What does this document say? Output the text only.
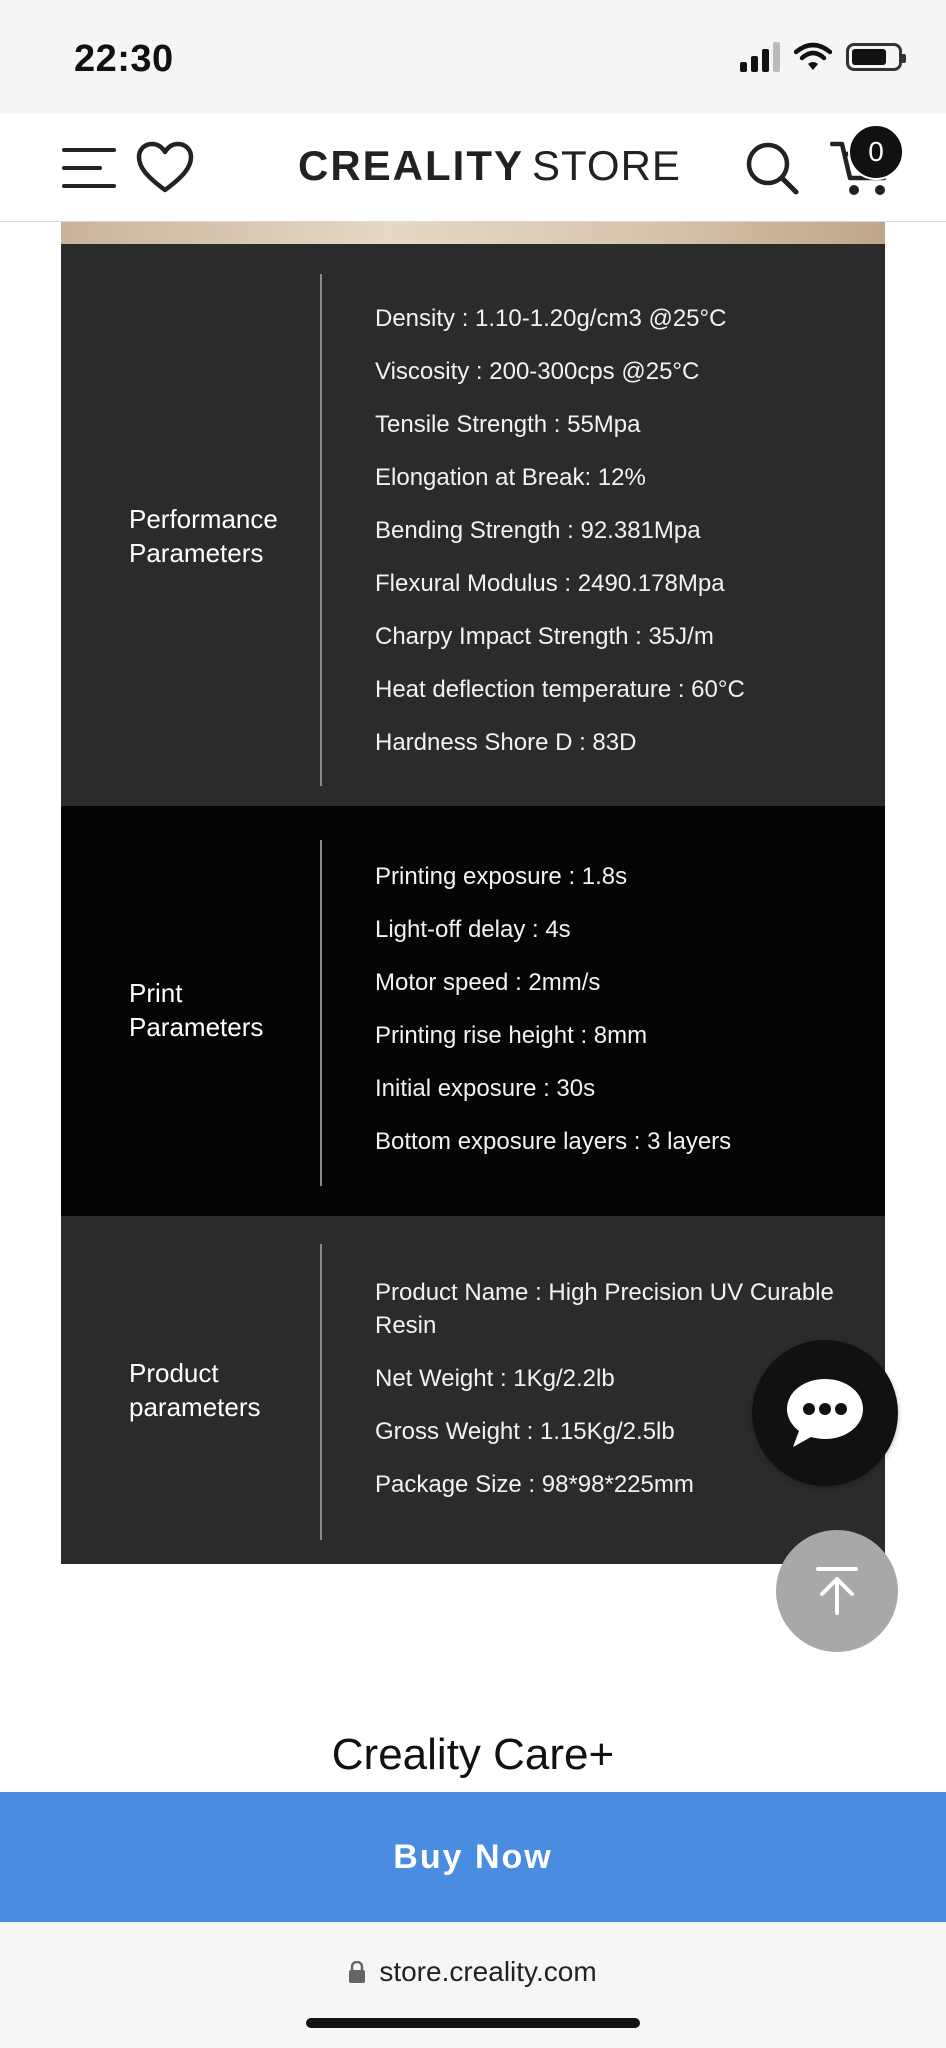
22:30
CREALITY STORE	0
Performance
Parameters
Density : 1.10-1.20g/cm3 @25°C
Viscosity : 200-300cps @25°C
Tensile Strength : 55Mpa
Elongation at Break: 12%
Bending Strength : 92.381Mpa
Flexural Modulus : 2490.178Mpa
Charpy Impact Strength : 35J/m
Heat deflection temperature : 60°C
Hardness Shore D : 83D
Print
Parameters
Printing exposure : 1.8s
Light-off delay : 4s
Motor speed : 2mm/s
Printing rise height : 8mm
Initial exposure : 30s
Bottom exposure layers : 3 layers
Product
parameters
Product Name : High Precision UV Curable Resin
Net Weight : 1Kg/2.2lb
Gross Weight : 1.15Kg/2.5lb
Package Size : 98*98*225mm
Creality Care+
Buy Now
store.creality.com
